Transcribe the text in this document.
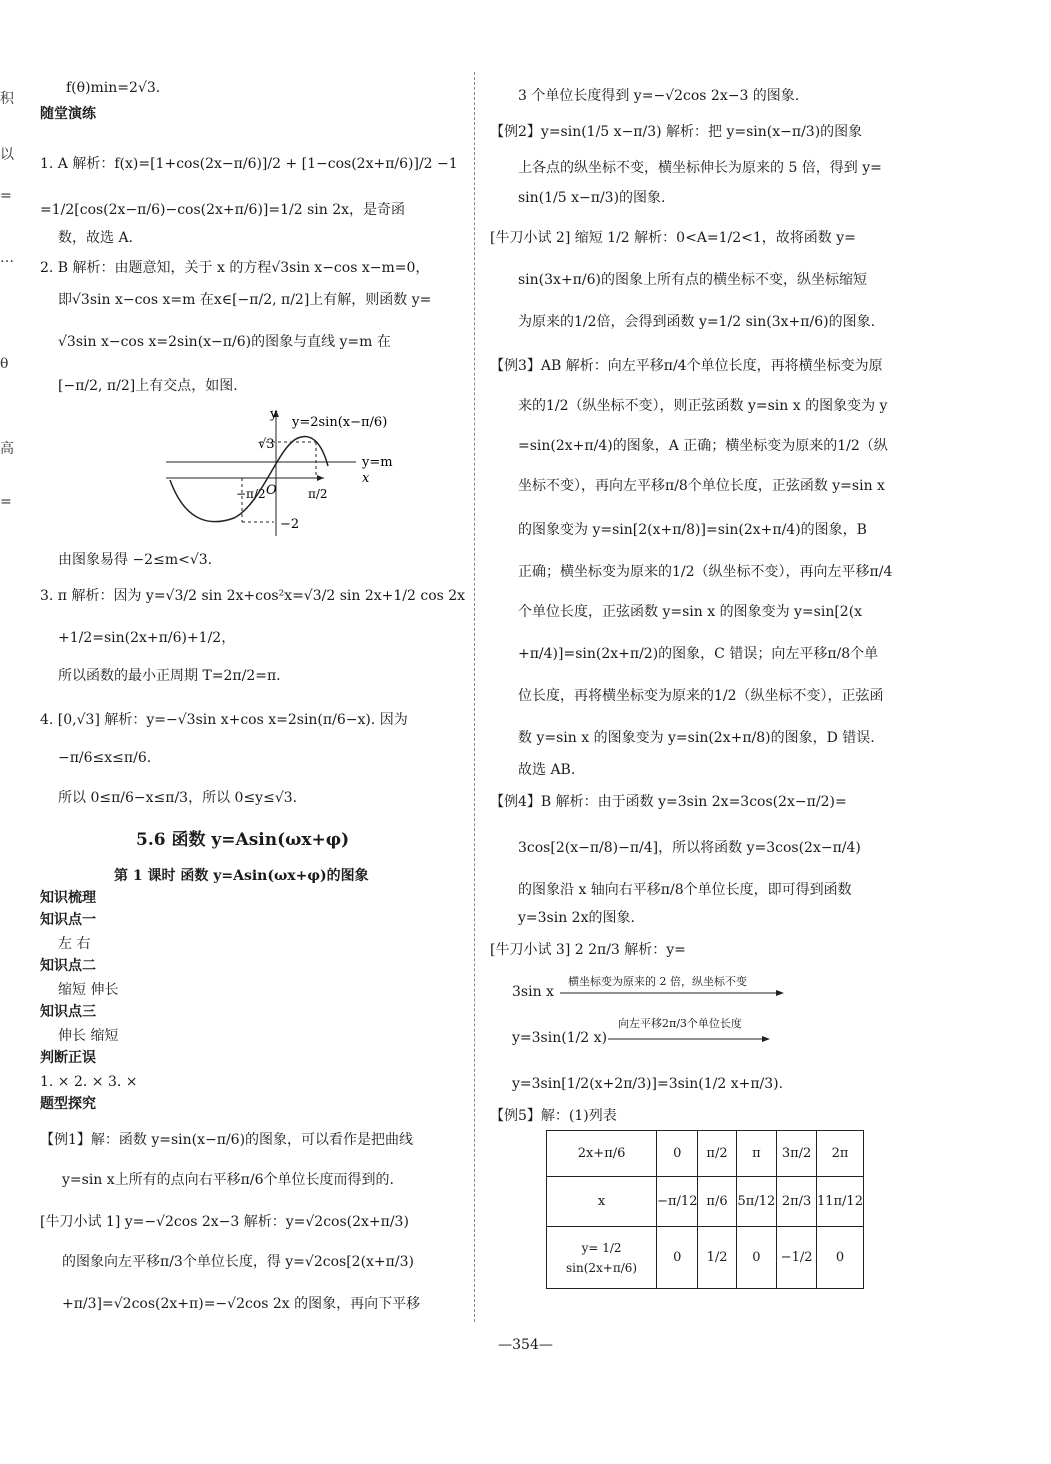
积
以
=
…
θ
高
=
f(θ)min=2√3.
随堂演练
1. A 解析：f(x)=[1+cos(2x−π/6)]/2 + [1−cos(2x+π/6)]/2 −1
=1/2[cos(2x−π/6)−cos(2x+π/6)]=1/2 sin 2x，是奇函
数，故选 A.
2. B 解析：由题意知，关于 x 的方程√3sin x−cos x−m=0，
即√3sin x−cos x=m 在x∈[−π/2, π/2]上有解，则函数 y=
√3sin x−cos x=2sin(x−π/6)的图象与直线 y=m 在
[−π/2, π/2]上有交点，如图.
y
x
y=2sin(x−π/6)
y=m
√3
−2
O
−π/2	π/2
由图象易得 −2≤m<√3.
3. π 解析：因为 y=√3/2 sin 2x+cos²x=√3/2 sin 2x+1/2 cos 2x
+1/2=sin(2x+π/6)+1/2，
所以函数的最小正周期 T=2π/2=π.
4. [0,√3] 解析：y=−√3sin x+cos x=2sin(π/6−x). 因为
−π/6≤x≤π/6.
所以 0≤π/6−x≤π/3，所以 0≤y≤√3.
5.6 函数 y=Asin(ωx+φ)
第 1 课时 函数 y=Asin(ωx+φ)的图象
知识梳理
知识点一
左 右
知识点二
缩短 伸长
知识点三
伸长 缩短
判断正误
1. × 2. × 3. ×
题型探究
【例1】解：函数 y=sin(x−π/6)的图象，可以看作是把曲线
y=sin x上所有的点向右平移π/6个单位长度而得到的.
[牛刀小试 1] y=−√2cos 2x−3 解析：y=√2cos(2x+π/3)
的图象向左平移π/3个单位长度，得 y=√2cos[2(x+π/3)
+π/3]=√2cos(2x+π)=−√2cos 2x 的图象，再向下平移
3 个单位长度得到 y=−√2cos 2x−3 的图象.
【例2】y=sin(1/5 x−π/3) 解析：把 y=sin(x−π/3)的图象
上各点的纵坐标不变，横坐标伸长为原来的 5 倍，得到 y=
sin(1/5 x−π/3)的图象.
[牛刀小试 2] 缩短 1/2 解析：0<A=1/2<1，故将函数 y=
sin(3x+π/6)的图象上所有点的横坐标不变，纵坐标缩短
为原来的1/2倍，会得到函数 y=1/2 sin(3x+π/6)的图象.
【例3】AB 解析：向左平移π/4个单位长度，再将横坐标变为原
来的1/2（纵坐标不变），则正弦函数 y=sin x 的图象变为 y
=sin(2x+π/4)的图象，A 正确；横坐标变为原来的1/2（纵
坐标不变），再向左平移π/8个单位长度，正弦函数 y=sin x
的图象变为 y=sin[2(x+π/8)]=sin(2x+π/4)的图象，B
正确；横坐标变为原来的1/2（纵坐标不变），再向左平移π/4
个单位长度，正弦函数 y=sin x 的图象变为 y=sin[2(x
+π/4)]=sin(2x+π/2)的图象，C 错误；向左平移π/8个单
位长度，再将横坐标变为原来的1/2（纵坐标不变），正弦函
数 y=sin x 的图象变为 y=sin(2x+π/8)的图象，D 错误.
故选 AB.
【例4】B 解析：由于函数 y=3sin 2x=3cos(2x−π/2)=
3cos[2(x−π/8)−π/4]，所以将函数 y=3cos(2x−π/4)
的图象沿 x 轴向右平移π/8个单位长度，即可得到函数
y=3sin 2x的图象.
[牛刀小试 3] 2 2π/3 解析：y=
3sin x
横坐标变为原来的 2 倍，纵坐标不变
y=3sin(1/2 x)
向左平移2π/3个单位长度
y=3sin[1/2(x+2π/3)]=3sin(1/2 x+π/3).
【例5】解：(1)列表
2x+π/6	0	π/2	π	3π/2	2π
x	−π/12	π/6	5π/12	2π/3	11π/12
y= 1/2 sin(2x+π/6)	0	1/2	0	−1/2	0
—354—
